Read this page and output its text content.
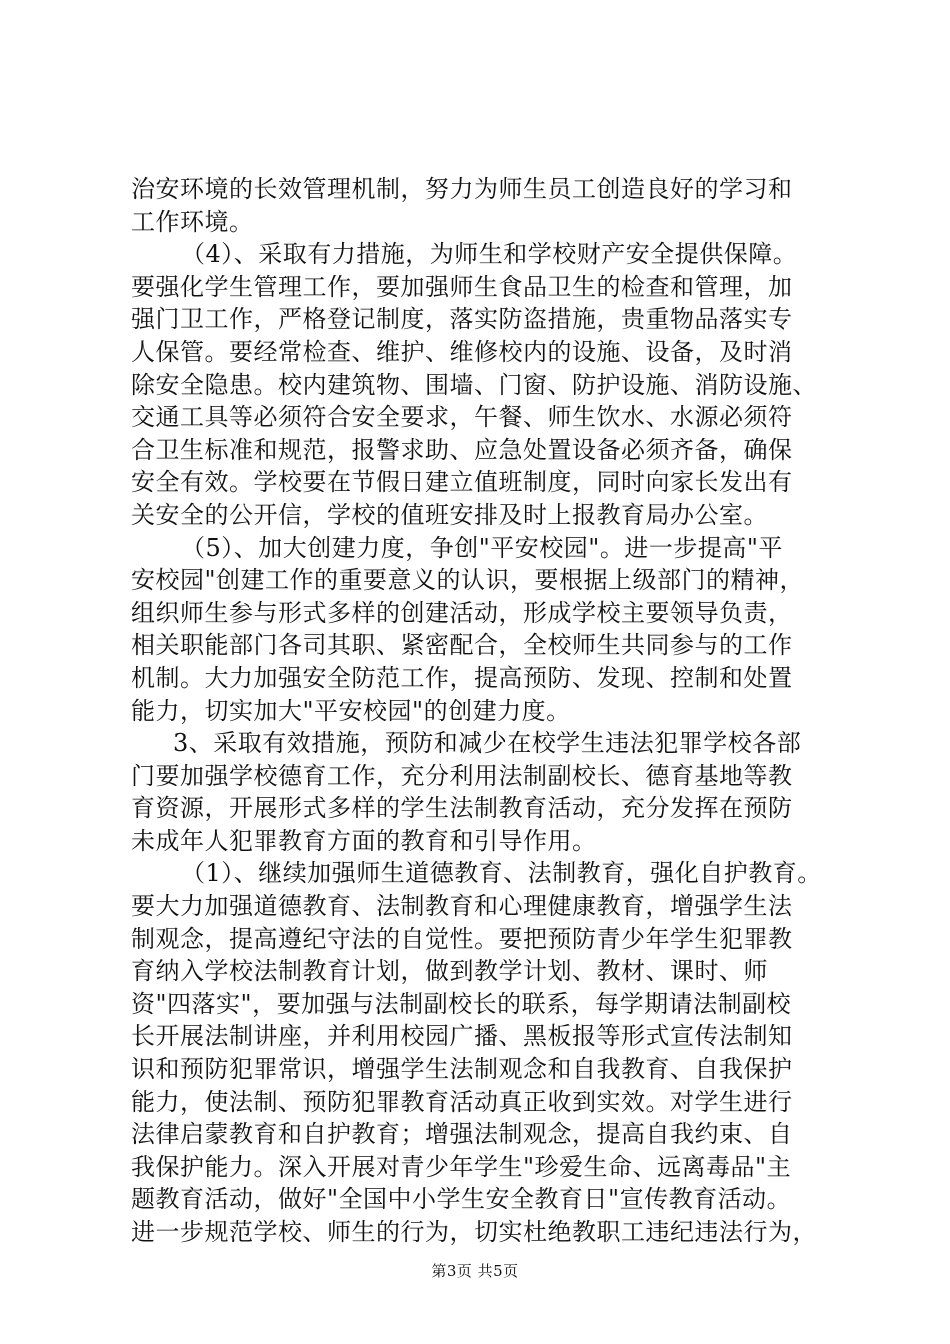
治安环境的长效管理机制，努力为师生员工创造良好的学习和
工作环境。
（4）、采取有力措施，为师生和学校财产安全提供保障。
要强化学生管理工作，要加强师生食品卫生的检查和管理，加
强门卫工作，严格登记制度，落实防盗措施，贵重物品落实专
人保管。要经常检查、维护、维修校内的设施、设备，及时消
除安全隐患。校内建筑物、围墙、门窗、防护设施、消防设施、
交通工具等必须符合安全要求，午餐、师生饮水、水源必须符
合卫生标准和规范，报警求助、应急处置设备必须齐备，确保
安全有效。学校要在节假日建立值班制度，同时向家长发出有
关安全的公开信，学校的值班安排及时上报教育局办公室。
（5）、加大创建力度，争创"平安校园"。进一步提高"平
安校园"创建工作的重要意义的认识，要根据上级部门的精神，
组织师生参与形式多样的创建活动，形成学校主要领导负责，
相关职能部门各司其职、紧密配合，全校师生共同参与的工作
机制。大力加强安全防范工作，提高预防、发现、控制和处置
能力，切实加大"平安校园"的创建力度。
3、采取有效措施，预防和减少在校学生违法犯罪学校各部
门要加强学校德育工作，充分利用法制副校长、德育基地等教
育资源，开展形式多样的学生法制教育活动，充分发挥在预防
未成年人犯罪教育方面的教育和引导作用。
（1）、继续加强师生道德教育、法制教育，强化自护教育。
要大力加强道德教育、法制教育和心理健康教育，增强学生法
制观念，提高遵纪守法的自觉性。要把预防青少年学生犯罪教
育纳入学校法制教育计划，做到教学计划、教材、课时、师
资"四落实"，要加强与法制副校长的联系，每学期请法制副校
长开展法制讲座，并利用校园广播、黑板报等形式宣传法制知
识和预防犯罪常识，增强学生法制观念和自我教育、自我保护
能力，使法制、预防犯罪教育活动真正收到实效。对学生进行
法律启蒙教育和自护教育；增强法制观念，提高自我约束、自
我保护能力。深入开展对青少年学生"珍爱生命、远离毒品"主
题教育活动，做好"全国中小学生安全教育日"宣传教育活动。
进一步规范学校、师生的行为，切实杜绝教职工违纪违法行为，
第3页 共5页
